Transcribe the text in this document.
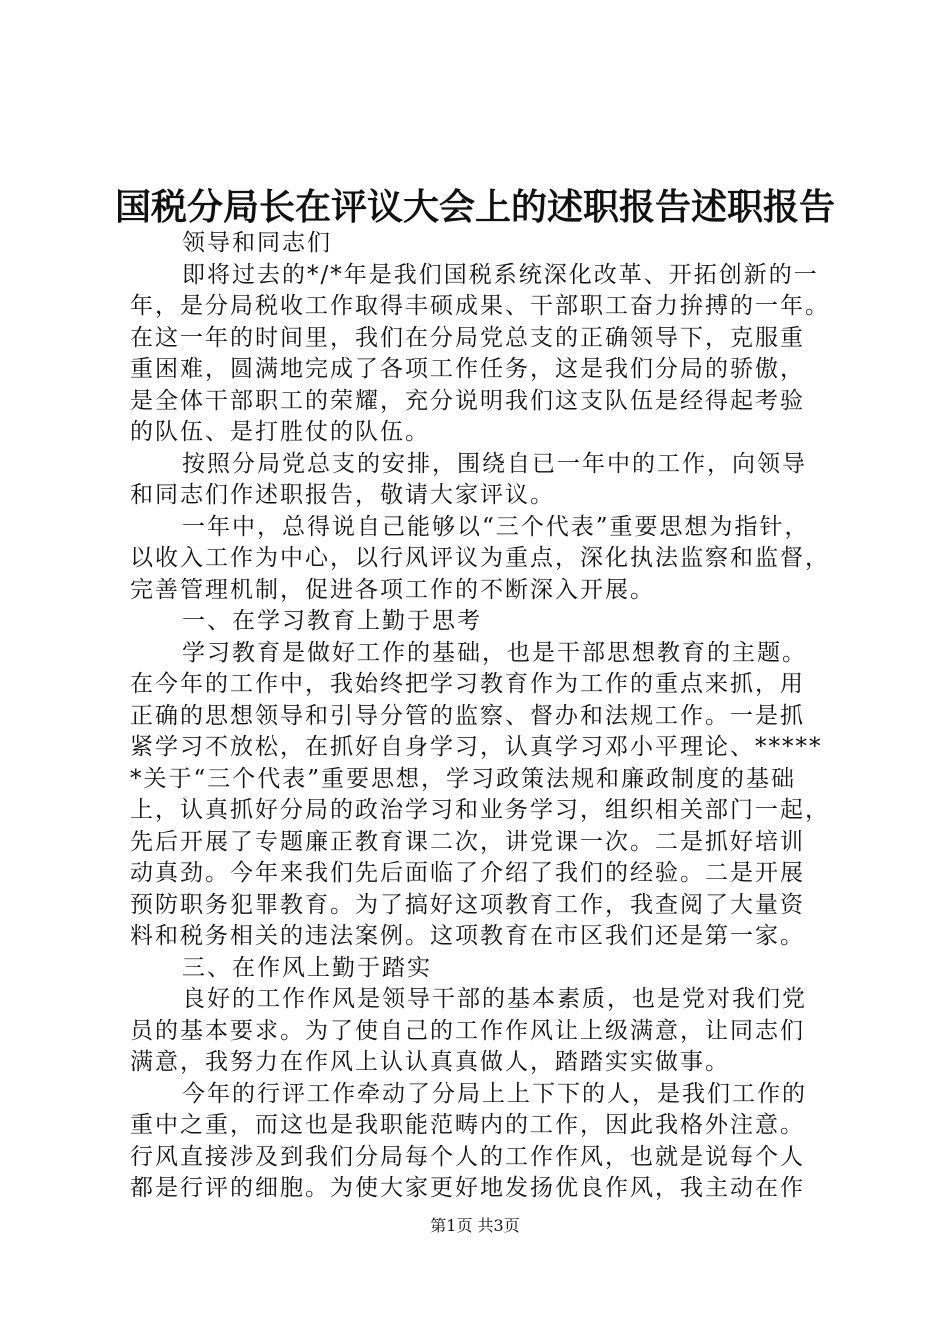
国税分局长在评议大会上的述职报告述职报告
领导和同志们
即将过去的*/*年是我们国税系统深化改革、开拓创新的一
年，是分局税收工作取得丰硕成果、干部职工奋力拚搏的一年。
在这一年的时间里，我们在分局党总支的正确领导下，克服重
重困难，圆满地完成了各项工作任务，这是我们分局的骄傲，
是全体干部职工的荣耀，充分说明我们这支队伍是经得起考验
的队伍、是打胜仗的队伍。
按照分局党总支的安排，围绕自已一年中的工作，向领导
和同志们作述职报告，敬请大家评议。
一年中，总得说自己能够以“三个代表”重要思想为指针，
以收入工作为中心，以行风评议为重点，深化执法监察和监督，
完善管理机制，促进各项工作的不断深入开展。
一、在学习教育上勤于思考
学习教育是做好工作的基础，也是干部思想教育的主题。
在今年的工作中，我始终把学习教育作为工作的重点来抓，用
正确的思想领导和引导分管的监察、督办和法规工作。一是抓
紧学习不放松，在抓好自身学习，认真学习邓小平理论、*****
*关于“三个代表”重要思想，学习政策法规和廉政制度的基础
上，认真抓好分局的政治学习和业务学习，组织相关部门一起，
先后开展了专题廉正教育课二次，讲党课一次。二是抓好培训
动真劲。今年来我们先后面临了介绍了我们的经验。二是开展
预防职务犯罪教育。为了搞好这项教育工作，我查阅了大量资
料和税务相关的违法案例。这项教育在市区我们还是第一家。
三、在作风上勤于踏实
良好的工作作风是领导干部的基本素质，也是党对我们党
员的基本要求。为了使自己的工作作风让上级满意，让同志们
满意，我努力在作风上认认真真做人，踏踏实实做事。
今年的行评工作牵动了分局上上下下的人，是我们工作的
重中之重，而这也是我职能范畴内的工作，因此我格外注意。
行风直接涉及到我们分局每个人的工作作风，也就是说每个人
都是行评的细胞。为使大家更好地发扬优良作风，我主动在作
第1页 共3页
